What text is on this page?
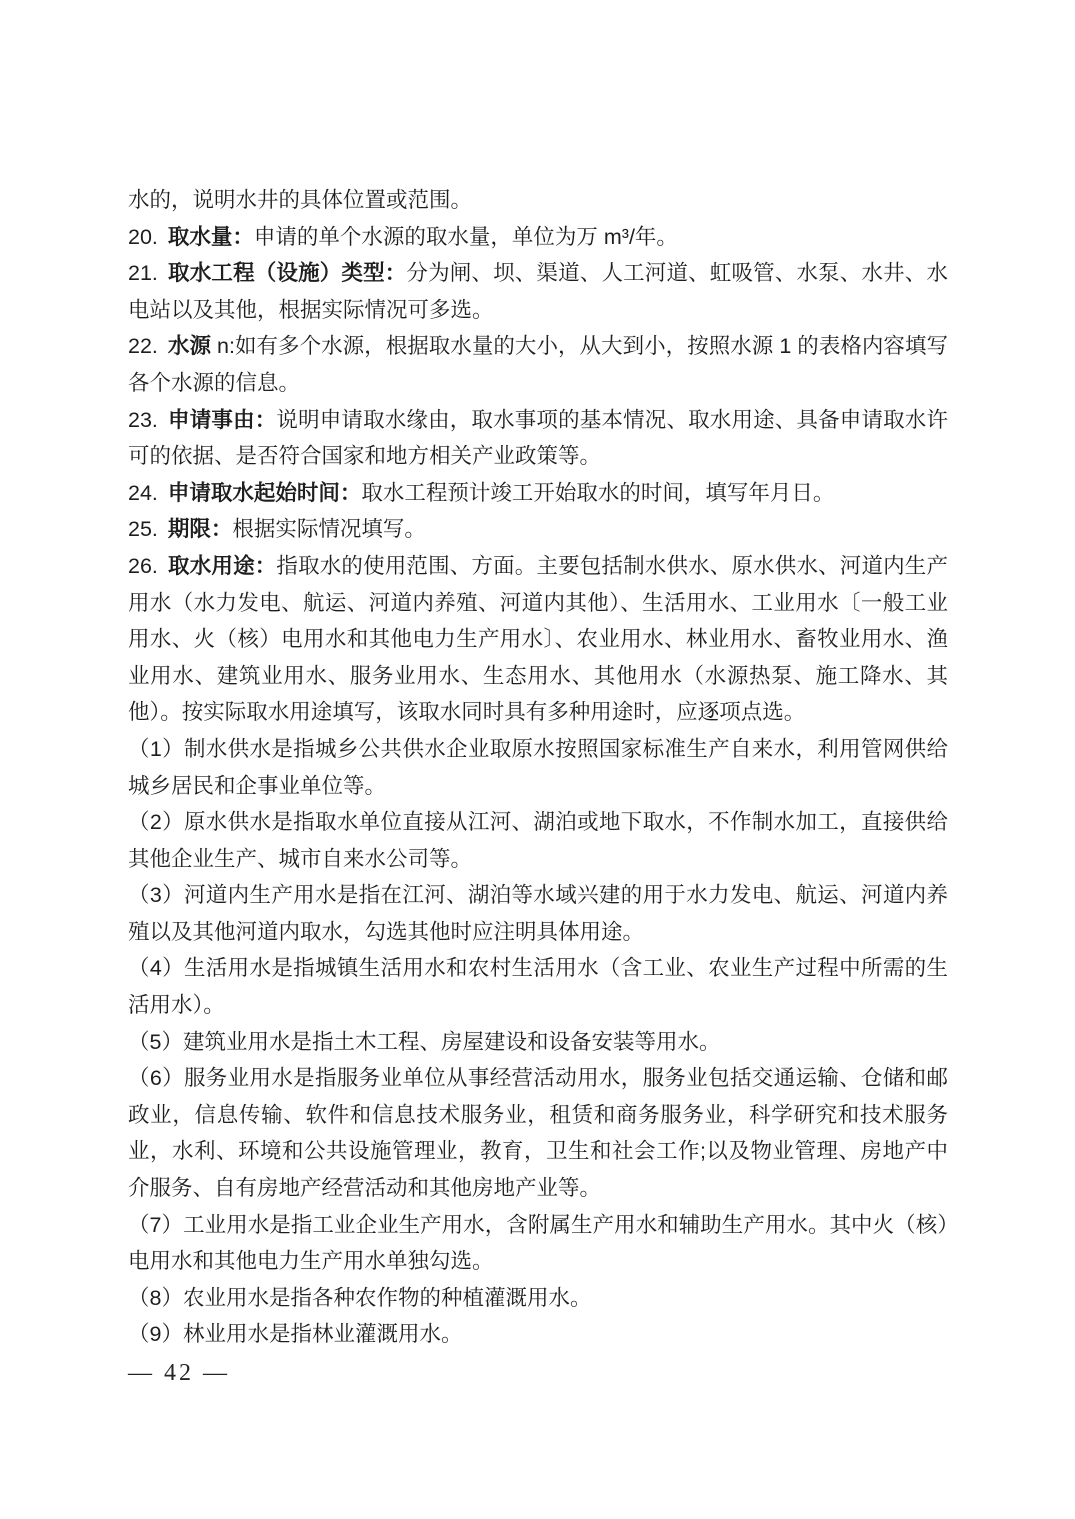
水的，说明水井的具体位置或范围。

20. 取水量：申请的单个水源的取水量，单位为万 m³/年。

21. 取水工程（设施）类型：分为闸、坝、渠道、人工河道、虹吸管、水泵、水井、水电站以及其他，根据实际情况可多选。

22. 水源 n:如有多个水源，根据取水量的大小，从大到小，按照水源 1 的表格内容填写各个水源的信息。

23. 申请事由：说明申请取水缘由，取水事项的基本情况、取水用途、具备申请取水许可的依据、是否符合国家和地方相关产业政策等。

24. 申请取水起始时间：取水工程预计竣工开始取水的时间，填写年月日。

25. 期限：根据实际情况填写。

26. 取水用途：指取水的使用范围、方面。主要包括制水供水、原水供水、河道内生产用水（水力发电、航运、河道内养殖、河道内其他）、生活用水、工业用水〔一般工业用水、火（核）电用水和其他电力生产用水〕、农业用水、林业用水、畜牧业用水、渔业用水、建筑业用水、服务业用水、生态用水、其他用水（水源热泵、施工降水、其他）。按实际取水用途填写，该取水同时具有多种用途时，应逐项点选。

（1）制水供水是指城乡公共供水企业取原水按照国家标准生产自来水，利用管网供给城乡居民和企事业单位等。

（2）原水供水是指取水单位直接从江河、湖泊或地下取水，不作制水加工，直接供给其他企业生产、城市自来水公司等。

（3）河道内生产用水是指在江河、湖泊等水域兴建的用于水力发电、航运、河道内养殖以及其他河道内取水，勾选其他时应注明具体用途。

（4）生活用水是指城镇生活用水和农村生活用水（含工业、农业生产过程中所需的生活用水）。

（5）建筑业用水是指土木工程、房屋建设和设备安装等用水。

（6）服务业用水是指服务业单位从事经营活动用水，服务业包括交通运输、仓储和邮政业，信息传输、软件和信息技术服务业，租赁和商务服务业，科学研究和技术服务业，水利、环境和公共设施管理业，教育，卫生和社会工作;以及物业管理、房地产中介服务、自有房地产经营活动和其他房地产业等。

（7）工业用水是指工业企业生产用水，含附属生产用水和辅助生产用水。其中火（核）电用水和其他电力生产用水单独勾选。

（8）农业用水是指各种农作物的种植灌溉用水。

（9）林业用水是指林业灌溉用水。

— 42 —
